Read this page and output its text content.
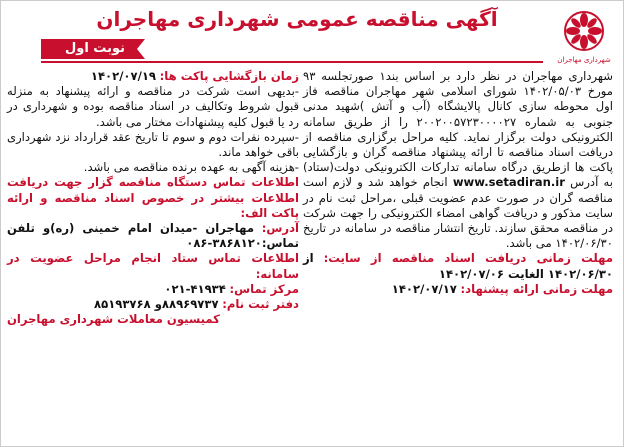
آگهی مناقصه عمومی شهرداری مهاجران
شهرداری مهاجران
نوبت اول

شهرداری مهاجران در نظر دارد بر اساس بند۱ صورتجلسه ۹۳ مورخ ۱۴۰۲/۰۵/۰۳ شورای اسلامی شهر مهاجران مناقصه فاز اول محوطه سازی کانال پالایشگاه (آب و آتش )شهید مدنی جنوبی به شماره ۲۰۰۲۰۰۵۷۲۳۰۰۰۰۲۷ را از طریق سامانه الکترونیکی دولت برگزار نماید. کلیه مراحل برگزاری مناقصه از دریافت اسناد مناقصه تا ارائه پیشنهاد مناقصه گران و بازگشایی پاکت ها ازطریق درگاه سامانه تدارکات الکترونیکی دولت(ستاد) به آدرس www.setadiran.ir انجام خواهد شد و لازم است مناقصه گران در صورت عدم عضویت قبلی ،مراحل ثبت نام در سایت مذکور و دریافت گواهی امضاء الکترونیکی را جهت شرکت در مناقصه محقق سازند. تاریخ انتشار مناقصه در سامانه در تاریخ ۱۴۰۲/۰۶/۳۰ می باشد.

مهلت زمانی دریافت اسناد مناقصه از سایت: از ۱۴۰۲/۰۶/۳۰ الغایت ۱۴۰۲/۰۷/۰۶

مهلت زمانی ارائه پیشنهاد: ۱۴۰۲/۰۷/۱۷

زمان بازگشایی پاکت ها: ۱۴۰۲/۰۷/۱۹

-بدیهی است شرکت در مناقصه و ارائه پیشنهاد به منزله قبول شروط وتکالیف در اسناد مناقصه بوده و شهرداری در رد یا قبول کلیه پیشنهادات مختار می باشد.

-سپرده نفرات دوم و سوم تا تاریخ عقد قرارداد نزد شهرداری باقی خواهد ماند.

-هزینه آگهی به عهده برنده مناقصه می باشد.

اطلاعات تماس دستگاه مناقصه گزار جهت دریافت اطلاعات بیشتر در خصوص اسناد مناقصه و ارائه پاکت الف:

آدرس: مهاجران -میدان امام خمینی (ره)و تلفن تماس:۳۸۶۸۱۲۰-۰۸۶

اطلاعات تماس ستاد انجام مراحل عضویت در سامانه:

مرکز تماس: ۴۱۹۳۴-۰۲۱

دفتر ثبت نام: ۸۸۹۶۹۷۳۷و ۸۵۱۹۳۷۶۸

کمیسیون معاملات شهرداری مهاجران
